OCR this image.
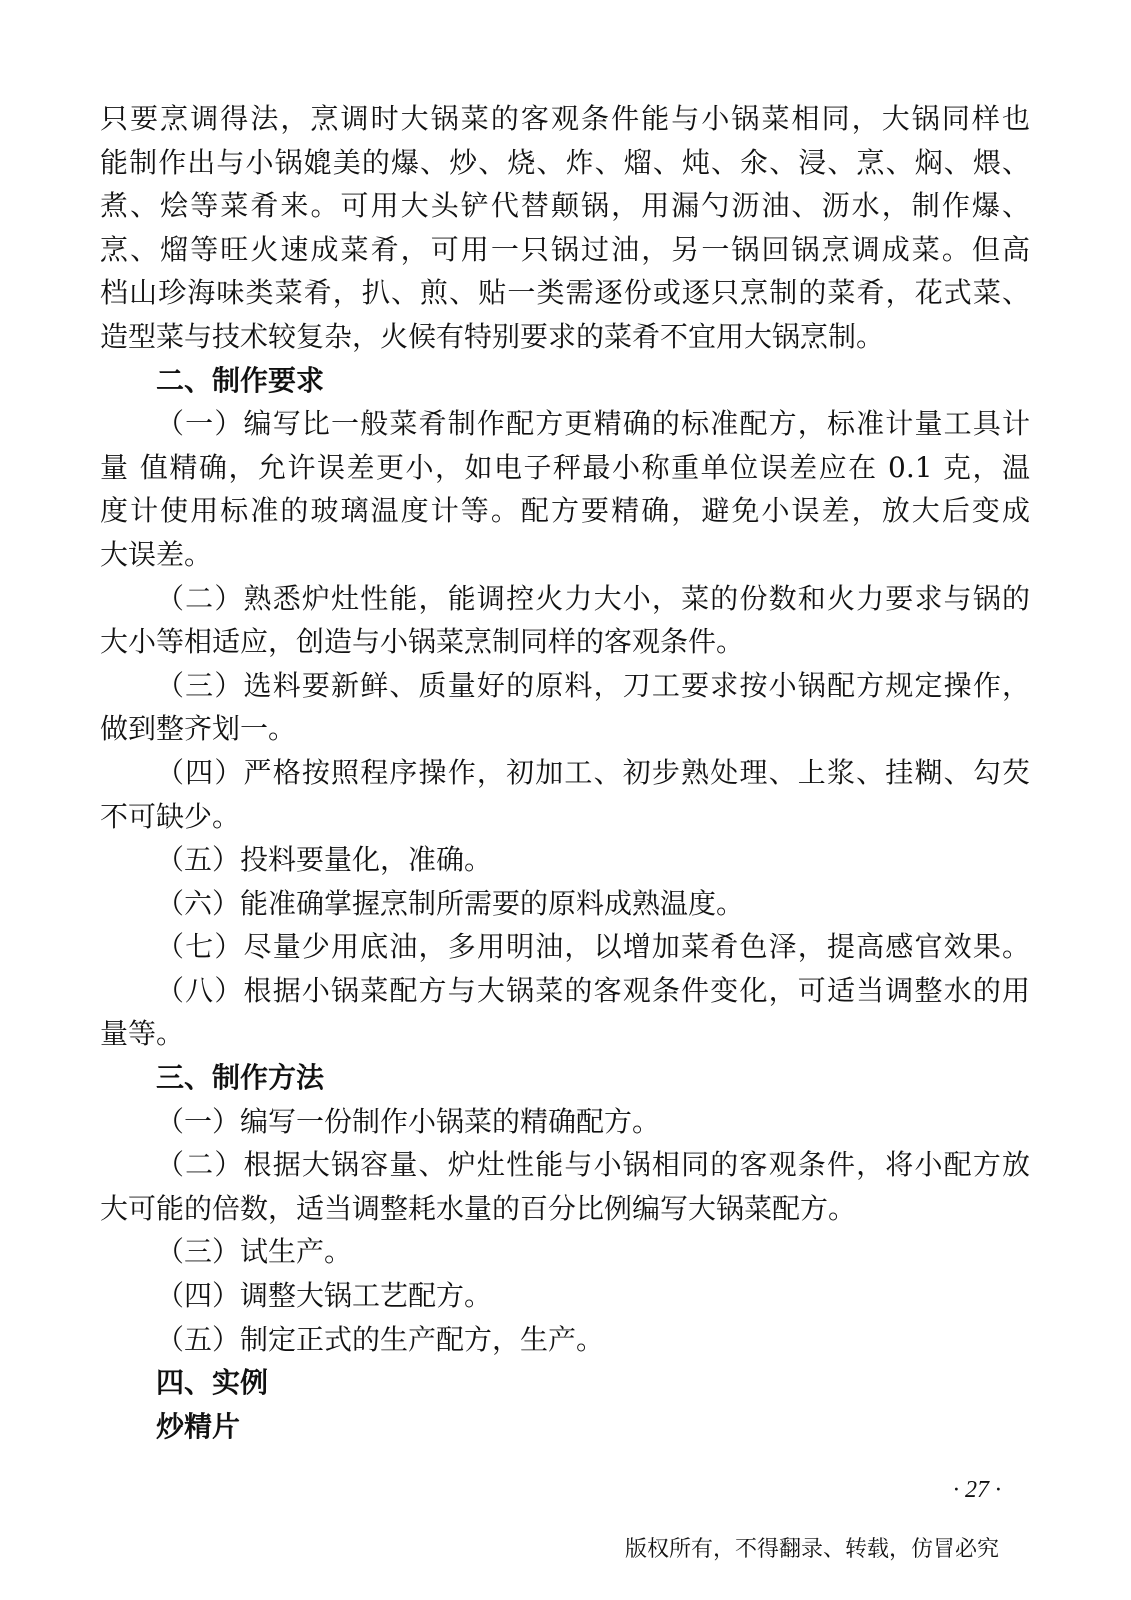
只要烹调得法，烹调时大锅菜的客观条件能与小锅菜相同，大锅同样也

能制作出与小锅媲美的爆、炒、烧、炸、熘、炖、氽、浸、烹、焖、煨、

煮、烩等菜肴来。可用大头铲代替颠锅，用漏勺沥油、沥水，制作爆、

烹、熘等旺火速成菜肴，可用一只锅过油，另一锅回锅烹调成菜。但高

档山珍海味类菜肴，扒、煎、贴一类需逐份或逐只烹制的菜肴，花式菜、

造型菜与技术较复杂，火候有特别要求的菜肴不宜用大锅烹制。

二、制作要求

（一）编写比一般菜肴制作配方更精确的标准配方，标准计量工具计

量 值精确，允许误差更小，如电子秤最小称重单位误差应在 0.1 克，温

度计使用标准的玻璃温度计等。配方要精确，避免小误差，放大后变成

大误差。

（二）熟悉炉灶性能，能调控火力大小，菜的份数和火力要求与锅的

大小等相适应，创造与小锅菜烹制同样的客观条件。

（三）选料要新鲜、质量好的原料，刀工要求按小锅配方规定操作，

做到整齐划一。

（四）严格按照程序操作，初加工、初步熟处理、上浆、挂糊、勾芡

不可缺少。

（五）投料要量化，准确。

（六）能准确掌握烹制所需要的原料成熟温度。

（七）尽量少用底油，多用明油，以增加菜肴色泽，提高感官效果。

（八）根据小锅菜配方与大锅菜的客观条件变化，可适当调整水的用

量等。

三、制作方法

（一）编写一份制作小锅菜的精确配方。

（二）根据大锅容量、炉灶性能与小锅相同的客观条件，将小配方放

大可能的倍数，适当调整耗水量的百分比例编写大锅菜配方。

（三）试生产。

（四）调整大锅工艺配方。

（五）制定正式的生产配方，生产。

四、实例

炒精片

· 27 ·
版权所有，不得翻录、转载，仿冒必究
